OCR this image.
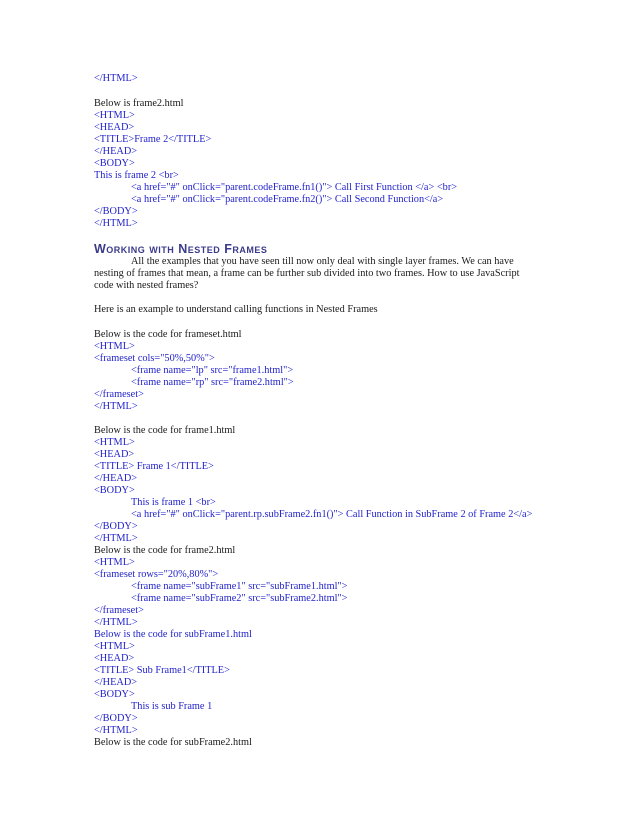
</HTML>
Below is frame2.html
<HTML>
<HEAD>
<TITLE>Frame 2</TITLE>
</HEAD>
<BODY>
This is frame 2 <br>
<a href="#" onClick="parent.codeFrame.fn1()"> Call First Function </a> <br>
<a href="#" onClick="parent.codeFrame.fn2()"> Call Second Function</a>
</BODY>
</HTML>
Working with Nested Frames
All the examples that you have seen till now only deal with single layer frames. We can have nesting of frames that mean, a frame can be further sub divided into two frames. How to use JavaScript code with nested frames?
Here is an example to understand calling functions in Nested Frames
Below is the code for frameset.html
<HTML>
<frameset cols="50%,50%">
<frame name="lp" src="frame1.html">
<frame name="rp" src="frame2.html">
</frameset>
</HTML>
Below is the code for frame1.html
<HTML>
<HEAD>
<TITLE> Frame 1</TITLE>
</HEAD>
<BODY>
This is frame 1 <br>
<a href="#" onClick="parent.rp.subFrame2.fn1()"> Call Function in SubFrame 2 of Frame 2</a>
</BODY>
</HTML>
Below is the code for frame2.html
<HTML>
<frameset rows="20%,80%">
<frame name="subFrame1" src="subFrame1.html">
<frame name="subFrame2" src="subFrame2.html">
</frameset>
</HTML>
Below is the code for subFrame1.html
<HTML>
<HEAD>
<TITLE> Sub Frame1</TITLE>
</HEAD>
<BODY>
This is sub Frame 1
</BODY>
</HTML>
Below is the code for subFrame2.html
